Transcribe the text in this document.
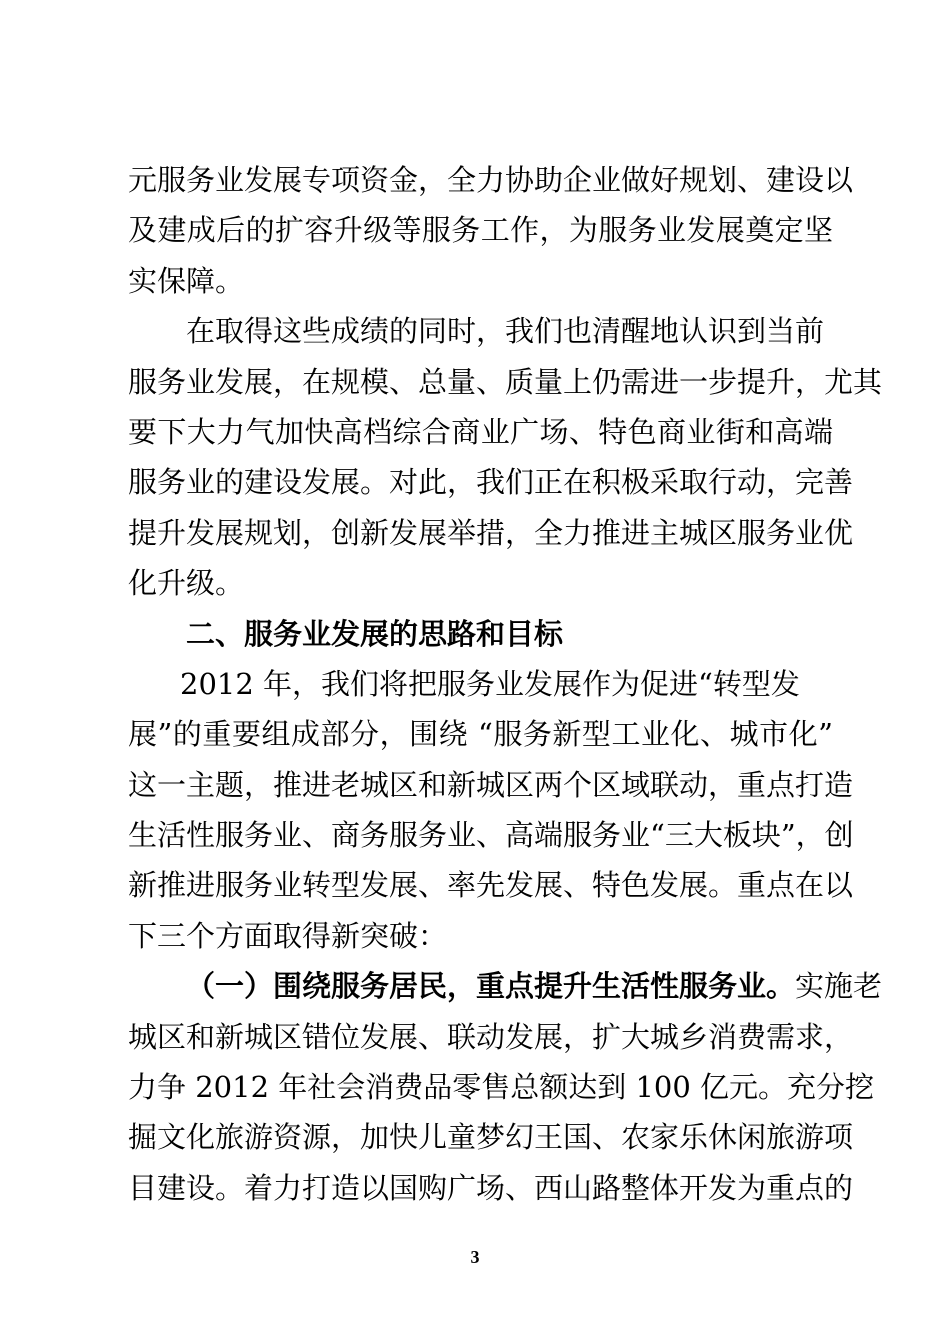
元服务业发展专项资金，全力协助企业做好规划、建设以
及建成后的扩容升级等服务工作，为服务业发展奠定坚
实保障。
在取得这些成绩的同时，我们也清醒地认识到当前
服务业发展，在规模、总量、质量上仍需进一步提升，尤其
要下大力气加快高档综合商业广场、特色商业街和高端
服务业的建设发展。对此，我们正在积极采取行动，完善
提升发展规划，创新发展举措，全力推进主城区服务业优
化升级。
二、服务业发展的思路和目标
2012 年，我们将把服务业发展作为促进“转型发
展”的重要组成部分，围绕 “服务新型工业化、城市化”
这一主题，推进老城区和新城区两个区域联动，重点打造
生活性服务业、商务服务业、高端服务业“三大板块”，创
新推进服务业转型发展、率先发展、特色发展。重点在以
下三个方面取得新突破：
（一）围绕服务居民，重点提升生活性服务业。实施老
城区和新城区错位发展、联动发展，扩大城乡消费需求，
力争 2012 年社会消费品零售总额达到 100 亿元。充分挖
掘文化旅游资源，加快儿童梦幻王国、农家乐休闲旅游项
目建设。着力打造以国购广场、西山路整体开发为重点的
3
